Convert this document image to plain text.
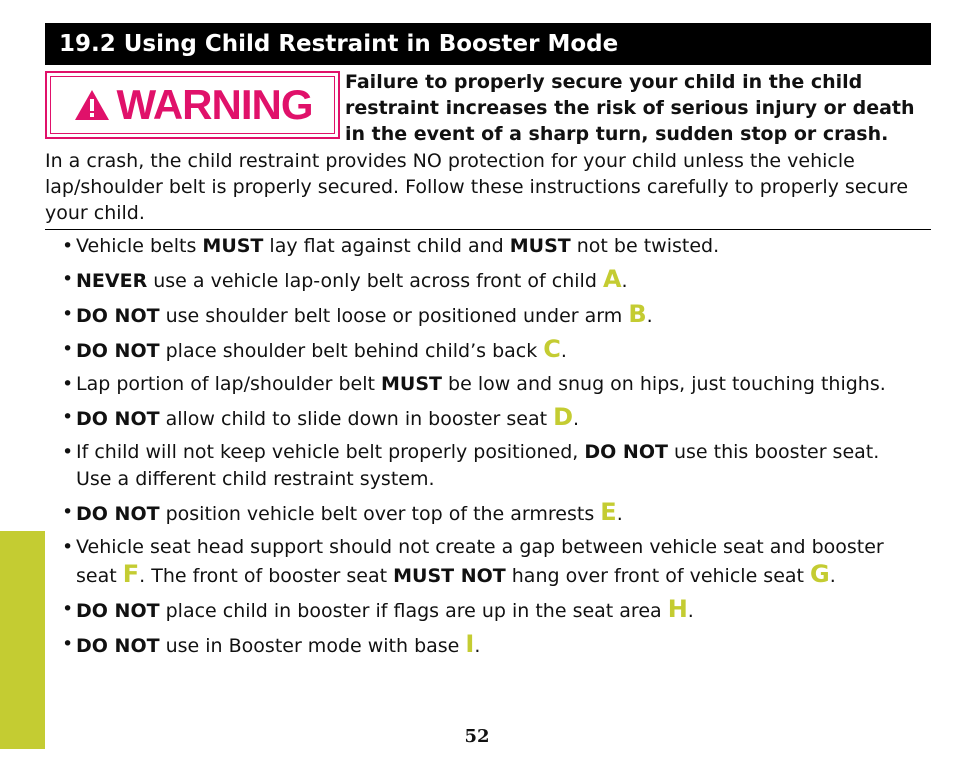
19.2 Using Child Restraint in Booster Mode
WARNING Failure to properly secure your child in the child restraint increases the risk of serious injury or death in the event of a sharp turn, sudden stop or crash.
In a crash, the child restraint provides NO protection for your child unless the vehicle lap/shoulder belt is properly secured. Follow these instructions carefully to properly secure your child.
• Vehicle belts MUST lay flat against child and MUST not be twisted.
• NEVER use a vehicle lap-only belt across front of child A.
• DO NOT use shoulder belt loose or positioned under arm B.
• DO NOT place shoulder belt behind child’s back C.
• Lap portion of lap/shoulder belt MUST be low and snug on hips, just touching thighs.
• DO NOT allow child to slide down in booster seat D.
• If child will not keep vehicle belt properly positioned, DO NOT use this booster seat. Use a different child restraint system.
• DO NOT position vehicle belt over top of the armrests E.
• Vehicle seat head support should not create a gap between vehicle seat and booster seat F. The front of booster seat MUST NOT hang over front of vehicle seat G.
• DO NOT place child in booster if flags are up in the seat area H.
• DO NOT use in Booster mode with base I.
52
